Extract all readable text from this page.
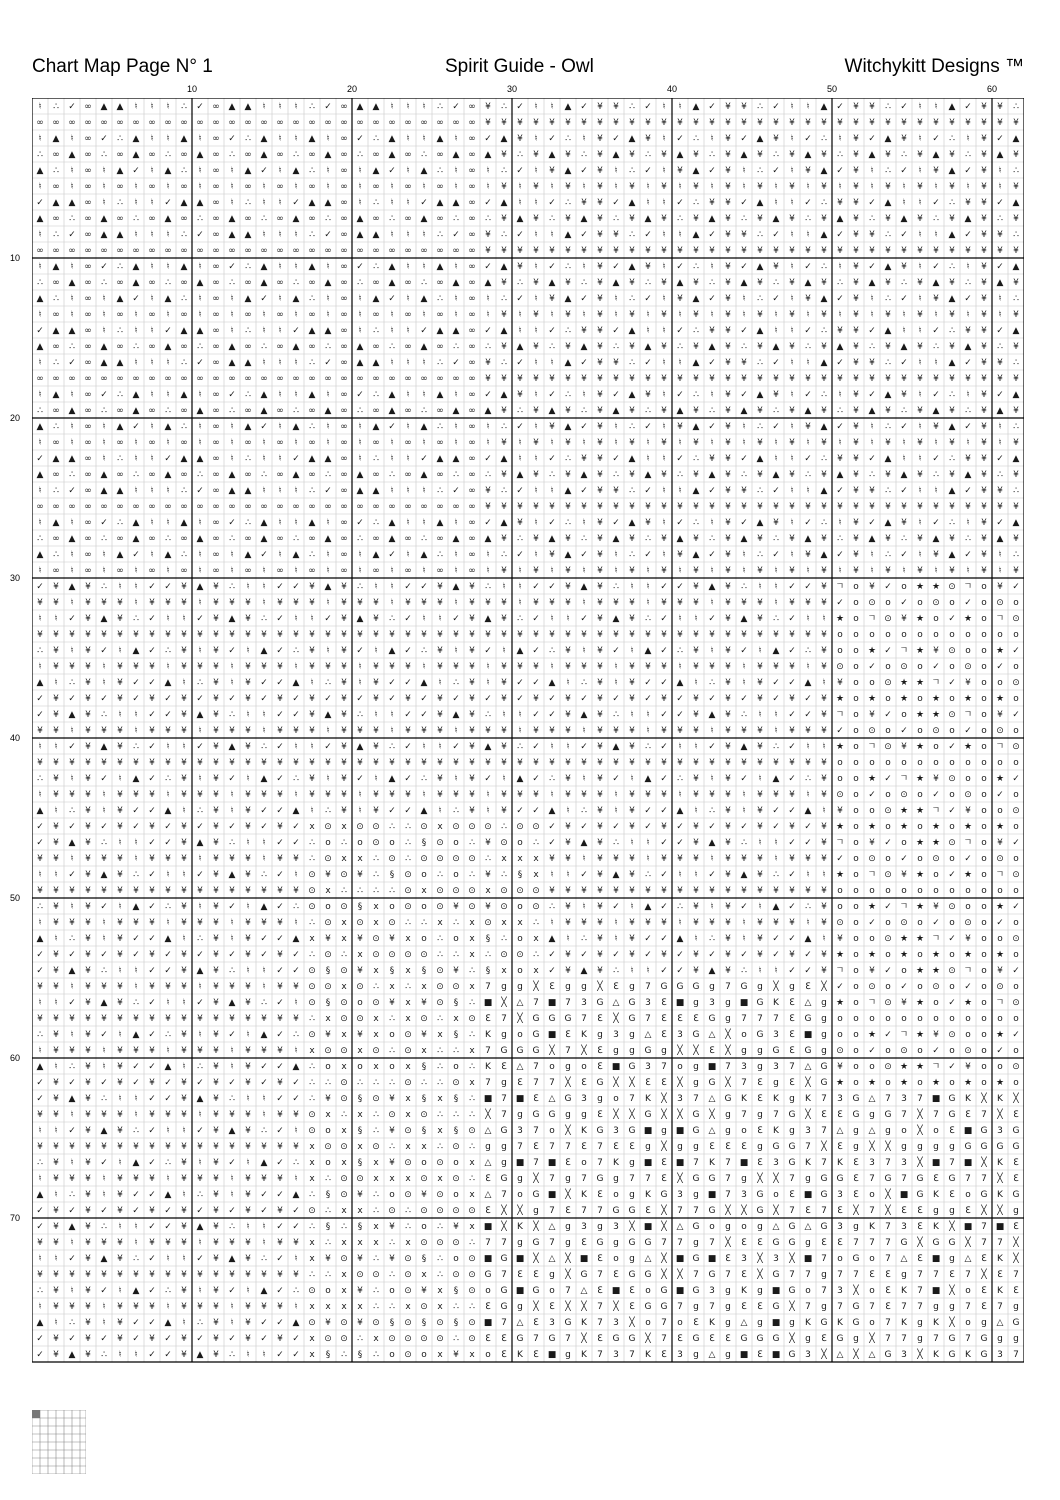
Chart Map Page N° 1	Spirit Guide - Owl	Witchykitt Designs ™
10	20	30	40	50	60
10
20
30
40
50
60
70
♮ ∴ ✓ ∞ ▲ ▲ ♮ ♮ ♮ ∴ ✓ ∞ ▲ ▲ ♮ ♮ ♮ ∴ ✓ ∞ ▲ ▲ ♮ ♮ ♮ ∴ ✓ ∞ ¥ ∴ ✓ ♮ ♮ ▲ ✓ ¥ ¥ ∴ ✓ ♮ ♮ ▲ ✓ ¥ ¥ ∴ ✓ ♮ ♮ ▲ ✓ ¥ ¥ ∴ ✓ ♮ ♮ ▲ ✓ ¥ ¥ ∴
∞ ∞ ∞ ∞ ∞ ∞ ∞ ∞ ∞ ∞ ∞ ∞ ∞ ∞ ∞ ∞ ∞ ∞ ∞ ∞ ∞ ∞ ∞ ∞ ∞ ∞ ∞ ∞ ¥ ¥ ¥ ¥ ¥ ¥ ¥ ¥ ¥ ¥ ¥ ¥ ¥ ¥ ¥ ¥ ¥ ¥ ¥ ¥ ¥ ¥ ¥ ¥ ¥ ¥ ¥ ¥ ¥ ¥ ¥ ¥ ¥ ¥
♮ ▲ ♮ ∞ ✓ ∴ ▲ ♮ ♮ ▲ ♮ ∞ ✓ ∴ ▲ ♮ ♮ ▲ ♮ ∞ ✓ ∴ ▲ ♮ ♮ ▲ ♮ ∞ ✓ ▲ ¥ ♮ ✓ ∴ ♮ ¥ ✓ ▲ ¥ ♮ ✓ ∴ ♮ ¥ ✓ ▲ ¥ ♮ ✓ ∴ ♮ ¥ ✓ ▲ ¥ ♮ ✓ ∴ ♮ ¥ ✓ ▲
∴ ∞ ▲ ∞ ∴ ∞ ▲ ∞ ∴ ∞ ▲ ∞ ∴ ∞ ▲ ∞ ∴ ∞ ▲ ∞ ∴ ∞ ▲ ∞ ∴ ∞ ▲ ∞ ▲ ¥ ∴ ¥ ▲ ¥ ∴ ¥ ▲ ¥ ∴ ¥ ▲ ¥ ∴ ¥ ▲ ¥ ∴ ¥ ▲ ¥ ∴ ¥ ▲ ¥ ∴ ¥ ▲ ¥ ∴ ¥ ▲ ¥
▲ ∴ ♮ ∞ ♮ ▲ ✓ ♮ ▲ ∴ ♮ ∞ ♮ ▲ ✓ ♮ ▲ ∴ ♮ ∞ ♮ ▲ ✓ ♮ ▲ ∴ ♮ ∞ ♮ ∴ ✓ ♮ ¥ ▲ ✓ ¥ ♮ ∴ ✓ ♮ ¥ ▲ ✓ ¥ ♮ ∴ ✓ ♮ ¥ ▲ ✓ ¥ ♮ ∴ ✓ ♮ ¥ ▲ ✓ ¥ ♮ ∴
♮ ∞ ♮ ∞ ♮ ∞ ♮ ∞ ♮ ∞ ♮ ∞ ♮ ∞ ♮ ∞ ♮ ∞ ♮ ∞ ♮ ∞ ♮ ∞ ♮ ∞ ♮ ∞ ♮ ¥ ♮ ¥ ♮ ¥ ♮ ¥ ♮ ¥ ♮ ¥ ♮ ¥ ♮ ¥ ♮ ¥ ♮ ¥ ♮ ¥ ♮ ¥ ♮ ¥ ♮ ¥ ♮ ¥ ♮ ¥ ♮ ¥
✓ ▲ ▲ ∞ ♮ ∴ ♮ ♮ ✓ ▲ ▲ ∞ ♮ ∴ ♮ ♮ ✓ ▲ ▲ ∞ ♮ ∴ ♮ ♮ ✓ ▲ ▲ ∞ ✓ ▲ ♮ ♮ ✓ ∴ ¥ ¥ ✓ ▲ ♮ ♮ ✓ ∴ ¥ ¥ ✓ ▲ ♮ ♮ ✓ ∴ ¥ ¥ ✓ ▲ ♮ ♮ ✓ ∴ ¥ ¥ ✓ ▲
▲ ∞ ∴ ∞ ▲ ∞ ∴ ∞ ▲ ∞ ∴ ∞ ▲ ∞ ∴ ∞ ▲ ∞ ∴ ∞ ▲ ∞ ∴ ∞ ▲ ∞ ∴ ∞ ∴ ¥ ▲ ¥ ∴ ¥ ▲ ¥ ∴ ¥ ▲ ¥ ∴ ¥ ▲ ¥ ∴ ¥ ▲ ¥ ∴ ¥ ▲ ¥ ∴ ¥ ▲ ¥ ∴ ¥ ▲ ¥ ∴ ¥
♮ ∴ ✓ ∞ ▲ ▲ ♮ ♮ ♮ ∴ ✓ ∞ ▲ ▲ ♮ ♮ ♮ ∴ ✓ ∞ ▲ ▲ ♮ ♮ ♮ ∴ ✓ ∞ ¥ ∴ ✓ ♮ ♮ ▲ ✓ ¥ ¥ ∴ ✓ ♮ ♮ ▲ ✓ ¥ ¥ ∴ ✓ ♮ ♮ ▲ ✓ ¥ ¥ ∴ ✓ ♮ ♮ ▲ ✓ ¥ ¥ ∴
∞ ∞ ∞ ∞ ∞ ∞ ∞ ∞ ∞ ∞ ∞ ∞ ∞ ∞ ∞ ∞ ∞ ∞ ∞ ∞ ∞ ∞ ∞ ∞ ∞ ∞ ∞ ∞ ¥ ¥ ¥ ¥ ¥ ¥ ¥ ¥ ¥ ¥ ¥ ¥ ¥ ¥ ¥ ¥ ¥ ¥ ¥ ¥ ¥ ¥ ¥ ¥ ¥ ¥ ¥ ¥ ¥ ¥ ¥ ¥ ¥ ¥
♮ ▲ ♮ ∞ ✓ ∴ ▲ ♮ ♮ ▲ ♮ ∞ ✓ ∴ ▲ ♮ ♮ ▲ ♮ ∞ ✓ ∴ ▲ ♮ ♮ ▲ ♮ ∞ ✓ ▲ ¥ ♮ ✓ ∴ ♮ ¥ ✓ ▲ ¥ ♮ ✓ ∴ ♮ ¥ ✓ ▲ ¥ ♮ ✓ ∴ ♮ ¥ ✓ ▲ ¥ ♮ ✓ ∴ ♮ ¥ ✓ ▲
∴ ∞ ▲ ∞ ∴ ∞ ▲ ∞ ∴ ∞ ▲ ∞ ∴ ∞ ▲ ∞ ∴ ∞ ▲ ∞ ∴ ∞ ▲ ∞ ∴ ∞ ▲ ∞ ▲ ¥ ∴ ¥ ▲ ¥ ∴ ¥ ▲ ¥ ∴ ¥ ▲ ¥ ∴ ¥ ▲ ¥ ∴ ¥ ▲ ¥ ∴ ¥ ▲ ¥ ∴ ¥ ▲ ¥ ∴ ¥ ▲ ¥
▲ ∴ ♮ ∞ ♮ ▲ ✓ ♮ ▲ ∴ ♮ ∞ ♮ ▲ ✓ ♮ ▲ ∴ ♮ ∞ ♮ ▲ ✓ ♮ ▲ ∴ ♮ ∞ ♮ ∴ ✓ ♮ ¥ ▲ ✓ ¥ ♮ ∴ ✓ ♮ ¥ ▲ ✓ ¥ ♮ ∴ ✓ ♮ ¥ ▲ ✓ ¥ ♮ ∴ ✓ ♮ ¥ ▲ ✓ ¥ ♮ ∴
♮ ∞ ♮ ∞ ♮ ∞ ♮ ∞ ♮ ∞ ♮ ∞ ♮ ∞ ♮ ∞ ♮ ∞ ♮ ∞ ♮ ∞ ♮ ∞ ♮ ∞ ♮ ∞ ♮ ¥ ♮ ¥ ♮ ¥ ♮ ¥ ♮ ¥ ♮ ¥ ♮ ¥ ♮ ¥ ♮ ¥ ♮ ¥ ♮ ¥ ♮ ¥ ♮ ¥ ♮ ¥ ♮ ¥ ♮ ¥ ♮ ¥
✓ ▲ ▲ ∞ ♮ ∴ ♮ ♮ ✓ ▲ ▲ ∞ ♮ ∴ ♮ ♮ ✓ ▲ ▲ ∞ ♮ ∴ ♮ ♮ ✓ ▲ ▲ ∞ ✓ ▲ ♮ ♮ ✓ ∴ ¥ ¥ ✓ ▲ ♮ ♮ ✓ ∴ ¥ ¥ ✓ ▲ ♮ ♮ ✓ ∴ ¥ ¥ ✓ ▲ ♮ ♮ ✓ ∴ ¥ ¥ ✓ ▲
▲ ∞ ∴ ∞ ▲ ∞ ∴ ∞ ▲ ∞ ∴ ∞ ▲ ∞ ∴ ∞ ▲ ∞ ∴ ∞ ▲ ∞ ∴ ∞ ▲ ∞ ∴ ∞ ∴ ¥ ▲ ¥ ∴ ¥ ▲ ¥ ∴ ¥ ▲ ¥ ∴ ¥ ▲ ¥ ∴ ¥ ▲ ¥ ∴ ¥ ▲ ¥ ∴ ¥ ▲ ¥ ∴ ¥ ▲ ¥ ∴ ¥
♮ ∴ ✓ ∞ ▲ ▲ ♮ ♮ ♮ ∴ ✓ ∞ ▲ ▲ ♮ ♮ ♮ ∴ ✓ ∞ ▲ ▲ ♮ ♮ ♮ ∴ ✓ ∞ ¥ ∴ ✓ ♮ ♮ ▲ ✓ ¥ ¥ ∴ ✓ ♮ ♮ ▲ ✓ ¥ ¥ ∴ ✓ ♮ ♮ ▲ ✓ ¥ ¥ ∴ ✓ ♮ ♮ ▲ ✓ ¥ ¥ ∴
∞ ∞ ∞ ∞ ∞ ∞ ∞ ∞ ∞ ∞ ∞ ∞ ∞ ∞ ∞ ∞ ∞ ∞ ∞ ∞ ∞ ∞ ∞ ∞ ∞ ∞ ∞ ∞ ¥ ¥ ¥ ¥ ¥ ¥ ¥ ¥ ¥ ¥ ¥ ¥ ¥ ¥ ¥ ¥ ¥ ¥ ¥ ¥ ¥ ¥ ¥ ¥ ¥ ¥ ¥ ¥ ¥ ¥ ¥ ¥ ¥ ¥
♮ ▲ ♮ ∞ ✓ ∴ ▲ ♮ ♮ ▲ ♮ ∞ ✓ ∴ ▲ ♮ ♮ ▲ ♮ ∞ ✓ ∴ ▲ ♮ ♮ ▲ ♮ ∞ ✓ ▲ ¥ ♮ ✓ ∴ ♮ ¥ ✓ ▲ ¥ ♮ ✓ ∴ ♮ ¥ ✓ ▲ ¥ ♮ ✓ ∴ ♮ ¥ ✓ ▲ ¥ ♮ ✓ ∴ ♮ ¥ ✓ ▲
∴ ∞ ▲ ∞ ∴ ∞ ▲ ∞ ∴ ∞ ▲ ∞ ∴ ∞ ▲ ∞ ∴ ∞ ▲ ∞ ∴ ∞ ▲ ∞ ∴ ∞ ▲ ∞ ▲ ¥ ∴ ¥ ▲ ¥ ∴ ¥ ▲ ¥ ∴ ¥ ▲ ¥ ∴ ¥ ▲ ¥ ∴ ¥ ▲ ¥ ∴ ¥ ▲ ¥ ∴ ¥ ▲ ¥ ∴ ¥ ▲ ¥
▲ ∴ ♮ ∞ ♮ ▲ ✓ ♮ ▲ ∴ ♮ ∞ ♮ ▲ ✓ ♮ ▲ ∴ ♮ ∞ ♮ ▲ ✓ ♮ ▲ ∴ ♮ ∞ ♮ ∴ ✓ ♮ ¥ ▲ ✓ ¥ ♮ ∴ ✓ ♮ ¥ ▲ ✓ ¥ ♮ ∴ ✓ ♮ ¥ ▲ ✓ ¥ ♮ ∴ ✓ ♮ ¥ ▲ ✓ ¥ ♮ ∴
♮ ∞ ♮ ∞ ♮ ∞ ♮ ∞ ♮ ∞ ♮ ∞ ♮ ∞ ♮ ∞ ♮ ∞ ♮ ∞ ♮ ∞ ♮ ∞ ♮ ∞ ♮ ∞ ♮ ¥ ♮ ¥ ♮ ¥ ♮ ¥ ♮ ¥ ♮ ¥ ♮ ¥ ♮ ¥ ♮ ¥ ♮ ¥ ♮ ¥ ♮ ¥ ♮ ¥ ♮ ¥ ♮ ¥ ♮ ¥ ♮ ¥
✓ ▲ ▲ ∞ ♮ ∴ ♮ ♮ ✓ ▲ ▲ ∞ ♮ ∴ ♮ ♮ ✓ ▲ ▲ ∞ ♮ ∴ ♮ ♮ ✓ ▲ ▲ ∞ ✓ ▲ ♮ ♮ ✓ ∴ ¥ ¥ ✓ ▲ ♮ ♮ ✓ ∴ ¥ ¥ ✓ ▲ ♮ ♮ ✓ ∴ ¥ ¥ ✓ ▲ ♮ ♮ ✓ ∴ ¥ ¥ ✓ ▲
▲ ∞ ∴ ∞ ▲ ∞ ∴ ∞ ▲ ∞ ∴ ∞ ▲ ∞ ∴ ∞ ▲ ∞ ∴ ∞ ▲ ∞ ∴ ∞ ▲ ∞ ∴ ∞ ∴ ¥ ▲ ¥ ∴ ¥ ▲ ¥ ∴ ¥ ▲ ¥ ∴ ¥ ▲ ¥ ∴ ¥ ▲ ¥ ∴ ¥ ▲ ¥ ∴ ¥ ▲ ¥ ∴ ¥ ▲ ¥ ∴ ¥
♮ ∴ ✓ ∞ ▲ ▲ ♮ ♮ ♮ ∴ ✓ ∞ ▲ ▲ ♮ ♮ ♮ ∴ ✓ ∞ ▲ ▲ ♮ ♮ ♮ ∴ ✓ ∞ ¥ ∴ ✓ ♮ ♮ ▲ ✓ ¥ ¥ ∴ ✓ ♮ ♮ ▲ ✓ ¥ ¥ ∴ ✓ ♮ ♮ ▲ ✓ ¥ ¥ ∴ ✓ ♮ ♮ ▲ ✓ ¥ ¥ ∴
∞ ∞ ∞ ∞ ∞ ∞ ∞ ∞ ∞ ∞ ∞ ∞ ∞ ∞ ∞ ∞ ∞ ∞ ∞ ∞ ∞ ∞ ∞ ∞ ∞ ∞ ∞ ∞ ¥ ¥ ¥ ¥ ¥ ¥ ¥ ¥ ¥ ¥ ¥ ¥ ¥ ¥ ¥ ¥ ¥ ¥ ¥ ¥ ¥ ¥ ¥ ¥ ¥ ¥ ¥ ¥ ¥ ¥ ¥ ¥ ¥ ¥
♮ ▲ ♮ ∞ ✓ ∴ ▲ ♮ ♮ ▲ ♮ ∞ ✓ ∴ ▲ ♮ ♮ ▲ ♮ ∞ ✓ ∴ ▲ ♮ ♮ ▲ ♮ ∞ ✓ ▲ ¥ ♮ ✓ ∴ ♮ ¥ ✓ ▲ ¥ ♮ ✓ ∴ ♮ ¥ ✓ ▲ ¥ ♮ ✓ ∴ ♮ ¥ ✓ ▲ ¥ ♮ ✓ ∴ ♮ ¥ ✓ ▲
∴ ∞ ▲ ∞ ∴ ∞ ▲ ∞ ∴ ∞ ▲ ∞ ∴ ∞ ▲ ∞ ∴ ∞ ▲ ∞ ∴ ∞ ▲ ∞ ∴ ∞ ▲ ∞ ▲ ¥ ∴ ¥ ▲ ¥ ∴ ¥ ▲ ¥ ∴ ¥ ▲ ¥ ∴ ¥ ▲ ¥ ∴ ¥ ▲ ¥ ∴ ¥ ▲ ¥ ∴ ¥ ▲ ¥ ∴ ¥ ▲ ¥
▲ ∴ ♮ ∞ ♮ ▲ ✓ ♮ ▲ ∴ ♮ ∞ ♮ ▲ ✓ ♮ ▲ ∴ ♮ ∞ ♮ ▲ ✓ ♮ ▲ ∴ ♮ ∞ ♮ ∴ ✓ ♮ ¥ ▲ ✓ ¥ ♮ ∴ ✓ ♮ ¥ ▲ ✓ ¥ ♮ ∴ ✓ ♮ ¥ ▲ ✓ ¥ ♮ ∴ ✓ ♮ ¥ ▲ ✓ ¥ ♮ ∴
♮ ∞ ♮ ∞ ♮ ∞ ♮ ∞ ♮ ∞ ♮ ∞ ♮ ∞ ♮ ∞ ♮ ∞ ♮ ∞ ♮ ∞ ♮ ∞ ♮ ∞ ♮ ∞ ♮ ¥ ♮ ¥ ♮ ¥ ♮ ¥ ♮ ¥ ♮ ¥ ♮ ¥ ♮ ¥ ♮ ¥ ♮ ¥ ♮ ¥ ♮ ¥ ♮ ¥ ♮ ¥ ♮ ¥ ♮ ¥ ♮ ¥
✓ ¥ ▲ ¥ ∴ ♮ ♮ ✓ ✓ ¥ ▲ ¥ ∴ ♮ ♮ ✓ ✓ ¥ ▲ ¥ ∴ ♮ ♮ ✓ ✓ ¥ ▲ ¥ ∴ ♮ ♮ ✓ ✓ ¥ ▲ ¥ ∴ ♮ ♮ ✓ ✓ ¥ ▲ ¥ ∴ ♮ ♮ ✓ ✓ ¥ ㄱ o ¥ ✓ o ★ ★ ⊙ ㄱ o ¥ ✓
¥ ¥ ♮ ¥ ¥ ¥ ♮ ¥ ¥ ¥ ♮ ¥ ¥ ¥ ♮ ¥ ¥ ¥ ♮ ¥ ¥ ¥ ♮ ¥ ¥ ¥ ♮ ¥ ¥ ¥ ♮ ¥ ¥ ¥ ♮ ¥ ¥ ¥ ♮ ¥ ¥ ¥ ♮ ¥ ¥ ¥ ♮ ¥ ¥ ¥ ✓ o ⊙ o ✓ o ⊙ o ✓ o ⊙ o
♮ ♮ ✓ ¥ ▲ ¥ ∴ ✓ ♮ ♮ ✓ ¥ ▲ ¥ ∴ ✓ ♮ ♮ ✓ ¥ ▲ ¥ ∴ ✓ ♮ ♮ ✓ ¥ ▲ ¥ ∴ ✓ ♮ ♮ ✓ ¥ ▲ ¥ ∴ ✓ ♮ ♮ ✓ ¥ ▲ ¥ ∴ ✓ ♮ ♮ ★ o ㄱ ⊙ ¥ ★ o ✓ ★ o ㄱ ⊙
¥ ¥ ¥ ¥ ¥ ¥ ¥ ¥ ¥ ¥ ¥ ¥ ¥ ¥ ¥ ¥ ¥ ¥ ¥ ¥ ¥ ¥ ¥ ¥ ¥ ¥ ¥ ¥ ¥ ¥ ¥ ¥ ¥ ¥ ¥ ¥ ¥ ¥ ¥ ¥ ¥ ¥ ¥ ¥ ¥ ¥ ¥ ¥ ¥ ¥ o o o o o o o o o o o o
∴ ¥ ♮ ¥ ✓ ♮ ▲ ✓ ∴ ¥ ♮ ¥ ✓ ♮ ▲ ✓ ∴ ¥ ♮ ¥ ✓ ♮ ▲ ✓ ∴ ¥ ♮ ¥ ✓ ♮ ▲ ✓ ∴ ¥ ♮ ¥ ✓ ♮ ▲ ✓ ∴ ¥ ♮ ¥ ✓ ♮ ▲ ✓ ∴ ¥ o o ★ ✓ ㄱ ★ ¥ ⊙ o o ★ ✓
♮ ¥ ¥ ¥ ♮ ¥ ¥ ¥ ♮ ¥ ¥ ¥ ♮ ¥ ¥ ¥ ♮ ¥ ¥ ¥ ♮ ¥ ¥ ¥ ♮ ¥ ¥ ¥ ♮ ¥ ¥ ¥ ♮ ¥ ¥ ¥ ♮ ¥ ¥ ¥ ♮ ¥ ¥ ¥ ♮ ¥ ¥ ¥ ♮ ¥ ⊙ o ✓ o ⊙ o ✓ o ⊙ o ✓ o
▲ ♮ ∴ ¥ ♮ ¥ ✓ ✓ ▲ ♮ ∴ ¥ ♮ ¥ ✓ ✓ ▲ ♮ ∴ ¥ ♮ ¥ ✓ ✓ ▲ ♮ ∴ ¥ ♮ ¥ ✓ ✓ ▲ ♮ ∴ ¥ ♮ ¥ ✓ ✓ ▲ ♮ ∴ ¥ ♮ ¥ ✓ ✓ ▲ ♮ ¥ o o ⊙ ★ ★ ㄱ ✓ ¥ o o ⊙
✓ ¥ ✓ ¥ ✓ ¥ ✓ ¥ ✓ ¥ ✓ ¥ ✓ ¥ ✓ ¥ ✓ ¥ ✓ ¥ ✓ ¥ ✓ ¥ ✓ ¥ ✓ ¥ ✓ ¥ ✓ ¥ ✓ ¥ ✓ ¥ ✓ ¥ ✓ ¥ ✓ ¥ ✓ ¥ ✓ ¥ ✓ ¥ ✓ ¥ ★ o ★ o ★ o ★ o ★ o ★ o
✓ ¥ ▲ ¥ ∴ ♮ ♮ ✓ ✓ ¥ ▲ ¥ ∴ ♮ ♮ ✓ ✓ ¥ ▲ ¥ ∴ ♮ ♮ ✓ ✓ ¥ ▲ ¥ ∴ ♮ ♮ ✓ ✓ ¥ ▲ ¥ ∴ ♮ ♮ ✓ ✓ ¥ ▲ ¥ ∴ ♮ ♮ ✓ ✓ ¥ ㄱ o ¥ ✓ o ★ ★ ⊙ ㄱ o ¥ ✓
¥ ¥ ♮ ¥ ¥ ¥ ♮ ¥ ¥ ¥ ♮ ¥ ¥ ¥ ♮ ¥ ¥ ¥ ♮ ¥ ¥ ¥ ♮ ¥ ¥ ¥ ♮ ¥ ¥ ¥ ♮ ¥ ¥ ¥ ♮ ¥ ¥ ¥ ♮ ¥ ¥ ¥ ♮ ¥ ¥ ¥ ♮ ¥ ¥ ¥ ✓ o ⊙ o ✓ o ⊙ o ✓ o ⊙ o
♮ ♮ ✓ ¥ ▲ ¥ ∴ ✓ ♮ ♮ ✓ ¥ ▲ ¥ ∴ ✓ ♮ ♮ ✓ ¥ ▲ ¥ ∴ ✓ ♮ ♮ ✓ ¥ ▲ ¥ ∴ ✓ ♮ ♮ ✓ ¥ ▲ ¥ ∴ ✓ ♮ ♮ ✓ ¥ ▲ ¥ ∴ ✓ ♮ ♮ ★ o ㄱ ⊙ ¥ ★ o ✓ ★ o ㄱ ⊙
¥ ¥ ¥ ¥ ¥ ¥ ¥ ¥ ¥ ¥ ¥ ¥ ¥ ¥ ¥ ¥ ¥ ¥ ¥ ¥ ¥ ¥ ¥ ¥ ¥ ¥ ¥ ¥ ¥ ¥ ¥ ¥ ¥ ¥ ¥ ¥ ¥ ¥ ¥ ¥ ¥ ¥ ¥ ¥ ¥ ¥ ¥ ¥ ¥ ¥ o o o o o o o o o o o o
∴ ¥ ♮ ¥ ✓ ♮ ▲ ✓ ∴ ¥ ♮ ¥ ✓ ♮ ▲ ✓ ∴ ¥ ♮ ¥ ✓ ♮ ▲ ✓ ∴ ¥ ♮ ¥ ✓ ♮ ▲ ✓ ∴ ¥ ♮ ¥ ✓ ♮ ▲ ✓ ∴ ¥ ♮ ¥ ✓ ♮ ▲ ✓ ∴ ¥ o o ★ ✓ ㄱ ★ ¥ ⊙ o o ★ ✓
♮ ¥ ¥ ¥ ♮ ¥ ¥ ¥ ♮ ¥ ¥ ¥ ♮ ¥ ¥ ¥ ♮ ¥ ¥ ¥ ♮ ¥ ¥ ¥ ♮ ¥ ¥ ¥ ♮ ¥ ¥ ¥ ♮ ¥ ¥ ¥ ♮ ¥ ¥ ¥ ♮ ¥ ¥ ¥ ♮ ¥ ¥ ¥ ♮ ¥ ⊙ o ✓ o ⊙ o ✓ o ⊙ o ✓ o
▲ ♮ ∴ ¥ ♮ ¥ ✓ ✓ ▲ ♮ ∴ ¥ ♮ ¥ ✓ ✓ ▲ ♮ ∴ ¥ ♮ ¥ ✓ ✓ ▲ ♮ ∴ ¥ ♮ ¥ ✓ ✓ ▲ ♮ ∴ ¥ ♮ ¥ ✓ ✓ ▲ ♮ ∴ ¥ ♮ ¥ ✓ ✓ ▲ ♮ ¥ o o ⊙ ★ ★ ㄱ ✓ ¥ o o ⊙
✓ ¥ ✓ ¥ ✓ ¥ ✓ ¥ ✓ ¥ ✓ ¥ ✓ ¥ ✓ ¥ ✓ x ⊙ x ⊙ ⊙ ∴ ∴ ⊙ x ⊙ ⊙ ⊙ ∴ ⊙ ⊙ ✓ ¥ ✓ ¥ ✓ ¥ ✓ ¥ ✓ ¥ ✓ ¥ ✓ ¥ ✓ ¥ ✓ ¥ ★ o ★ o ★ o ★ o ★ o ★ o
✓ ¥ ▲ ¥ ∴ ♮ ♮ ✓ ✓ ¥ ▲ ¥ ∴ ♮ ♮ ✓ ✓ ∴ o ∴ o ⊙ o ∴ § ⊙ o ∴ ¥ ⊙ o ∴ ✓ ¥ ▲ ¥ ∴ ♮ ♮ ✓ ✓ ¥ ▲ ¥ ∴ ♮ ♮ ✓ ✓ ¥ ㄱ o ¥ ✓ o ★ ★ ⊙ ㄱ o ¥ ✓
¥ ¥ ♮ ¥ ¥ ¥ ♮ ¥ ¥ ¥ ♮ ¥ ¥ ¥ ♮ ¥ ¥ ∴ ⊙ x x ∴ ⊙ ∴ ⊙ ⊙ ⊙ ⊙ ∴ x x x ¥ ¥ ♮ ¥ ¥ ¥ ♮ ¥ ¥ ¥ ♮ ¥ ¥ ¥ ♮ ¥ ¥ ¥ ✓ o ⊙ o ✓ o ⊙ o ✓ o ⊙ o
♮ ♮ ✓ ¥ ▲ ¥ ∴ ✓ ♮ ♮ ✓ ¥ ▲ ¥ ∴ ✓ ♮ ⊙ ¥ ⊙ ¥ ∴ § ⊙ o ∴ o ∴ ¥ ∴ § x ♮ ♮ ✓ ¥ ▲ ¥ ∴ ✓ ♮ ♮ ✓ ¥ ▲ ¥ ∴ ✓ ♮ ♮ ★ o ㄱ ⊙ ¥ ★ o ✓ ★ o ㄱ ⊙
¥ ¥ ¥ ¥ ¥ ¥ ¥ ¥ ¥ ¥ ¥ ¥ ¥ ¥ ¥ ¥ ¥ ⊙ x ∴ ∴ ∴ ∴ ⊙ x ⊙ ⊙ ⊙ x ⊙ ⊙ ⊙ ¥ ¥ ¥ ¥ ¥ ¥ ¥ ¥ ¥ ¥ ¥ ¥ ¥ ¥ ¥ ¥ ¥ ¥ o o o o o o o o o o o o
∴ ¥ ♮ ¥ ✓ ♮ ▲ ✓ ∴ ¥ ♮ ¥ ✓ ♮ ▲ ✓ ∴ ⊙ o ⊙ § x o ⊙ o ⊙ ¥ ⊙ ¥ ⊙ o ⊙ ∴ ¥ ♮ ¥ ✓ ♮ ▲ ✓ ∴ ¥ ♮ ¥ ✓ ♮ ▲ ✓ ∴ ¥ o o ★ ✓ ㄱ ★ ¥ ⊙ o o ★ ✓
♮ ¥ ¥ ¥ ♮ ¥ ¥ ¥ ♮ ¥ ¥ ¥ ♮ ¥ ¥ ¥ ♮ ∴ ⊙ x ⊙ x ⊙ ∴ ∴ x ∴ x ⊙ x x ∴ ♮ ¥ ¥ ¥ ♮ ¥ ¥ ¥ ♮ ¥ ¥ ¥ ♮ ¥ ¥ ¥ ♮ ¥ ⊙ o ✓ o ⊙ o ✓ o ⊙ o ✓ o
▲ ♮ ∴ ¥ ♮ ¥ ✓ ✓ ▲ ♮ ∴ ¥ ♮ ¥ ✓ ✓ ▲ x ¥ x ¥ ⊙ ¥ x o ∴ o x § ∴ o x ▲ ♮ ∴ ¥ ♮ ¥ ✓ ✓ ▲ ♮ ∴ ¥ ♮ ¥ ✓ ✓ ▲ ♮ ¥ o o ⊙ ★ ★ ㄱ ✓ ¥ o o ⊙
✓ ¥ ✓ ¥ ✓ ¥ ✓ ¥ ✓ ¥ ✓ ¥ ✓ ¥ ✓ ¥ ✓ ∴ ⊙ ∴ x ⊙ ⊙ ⊙ ⊙ ∴ ∴ x ∴ ⊙ ⊙ ∴ ✓ ¥ ✓ ¥ ✓ ¥ ✓ ¥ ✓ ¥ ✓ ¥ ✓ ¥ ✓ ¥ ✓ ¥ ★ o ★ o ★ o ★ o ★ o ★ o
✓ ¥ ▲ ¥ ∴ ♮ ♮ ✓ ✓ ¥ ▲ ¥ ∴ ♮ ♮ ✓ ✓ ⊙ § ⊙ ¥ x § x § ⊙ ¥ ∴ § x o x ✓ ¥ ▲ ¥ ∴ ♮ ♮ ✓ ✓ ¥ ▲ ¥ ∴ ♮ ♮ ✓ ✓ ¥ ㄱ o ¥ ✓ o ★ ★ ⊙ ㄱ o ¥ ✓
¥ ¥ ♮ ¥ ¥ ¥ ♮ ¥ ¥ ¥ ♮ ¥ ¥ ¥ ♮ ¥ ¥ ⊙ ⊙ x ⊙ ∴ x ∴ x ⊙ ⊙ x 7 g g ╳ ℇ g g ╳ ℇ g 7 G G G g 7 G g ╳ g ℇ ╳ ✓ o ⊙ o ✓ o ⊙ o ✓ o ⊙ o
♮ ♮ ✓ ¥ ▲ ¥ ∴ ✓ ♮ ♮ ✓ ¥ ▲ ¥ ∴ ✓ ♮ ⊙ § ⊙ o ⊙ ¥ x ¥ ⊙ § ∴ ■ ╳ △ 7 ■ 7 3 G △ G 3 ℇ ■ g 3 g ■ G K ℇ △ g ★ o ㄱ ⊙ ¥ ★ o ✓ ★ o ㄱ ⊙
¥ ¥ ¥ ¥ ¥ ¥ ¥ ¥ ¥ ¥ ¥ ¥ ¥ ¥ ¥ ¥ ¥ ∴ x ⊙ ⊙ x ∴ x ⊙ ∴ x ⊙ ℇ 7 ╳ G G G 7 ℇ ╳ G 7 ℇ ℇ ℇ G g 7 7 7 ℇ G g o o o o o o o o o o o o
∴ ¥ ♮ ¥ ✓ ♮ ▲ ✓ ∴ ¥ ♮ ¥ ✓ ♮ ▲ ✓ ∴ ⊙ ¥ x ¥ x o ⊙ ¥ x § ∴ K g o G ■ ℇ K g 3 g △ ℇ 3 G △ ╳ o G 3 ℇ ■ g o o ★ ✓ ㄱ ★ ¥ ⊙ o o ★ ✓
♮ ¥ ¥ ¥ ♮ ¥ ¥ ¥ ♮ ¥ ¥ ¥ ♮ ¥ ¥ ¥ ♮ x ⊙ ⊙ x ⊙ ∴ ⊙ x ∴ ∴ x 7 G G G ╳ 7 ╳ ℇ g g G g ╳ ╳ ℇ ╳ g g G ℇ G g ⊙ o ✓ o ⊙ o ✓ o ⊙ o ✓ o
▲ ♮ ∴ ¥ ♮ ¥ ✓ ✓ ▲ ♮ ∴ ¥ ♮ ¥ ✓ ✓ ▲ ∴ o x o x o x § ∴ o ∴ K ℇ △ 7 o g o ℇ ■ G 3 7 o g ■ 7 3 g 3 7 △ G ¥ o o ⊙ ★ ★ ㄱ ✓ ¥ o o ⊙
✓ ¥ ✓ ¥ ✓ ¥ ✓ ¥ ✓ ¥ ✓ ¥ ✓ ¥ ✓ ¥ ✓ ∴ ∴ ⊙ ∴ ∴ ∴ ⊙ ∴ ∴ ⊙ x 7 g ℇ 7 7 ╳ ℇ G ╳ ╳ ℇ ℇ ╳ g G ╳ 7 ℇ g ℇ ╳ G ★ o ★ o ★ o ★ o ★ o ★ o
✓ ¥ ▲ ¥ ∴ ♮ ♮ ✓ ✓ ¥ ▲ ¥ ∴ ♮ ♮ ✓ ✓ ∴ ¥ ⊙ § ⊙ ¥ x § x § ∴ ■ 7 ■ ℇ △ G 3 g o 7 K ╳ 3 7 △ G K ℇ K g K 7 3 G △ 7 3 7 ■ G K ╳ K ╳
¥ ¥ ♮ ¥ ¥ ¥ ♮ ¥ ¥ ¥ ♮ ¥ ¥ ¥ ♮ ¥ ¥ ⊙ x ∴ x ∴ ⊙ x ⊙ ∴ ∴ ∴ ╳ 7 g G G g g ℇ ╳ ╳ G ╳ ╳ G ╳ g 7 g 7 G ╳ ℇ ℇ G g G 7 ╳ 7 G ℇ 7 ╳ ℇ
♮ ♮ ✓ ¥ ▲ ¥ ∴ ✓ ♮ ♮ ✓ ¥ ▲ ¥ ∴ ✓ ♮ ⊙ o x § ∴ ¥ ⊙ § x § ⊙ △ G 3 7 o ╳ K G 3 G ■ g ■ G △ g o ℇ K g 3 7 △ g △ g o ╳ o ℇ ■ G 3 G
¥ ¥ ¥ ¥ ¥ ¥ ¥ ¥ ¥ ¥ ¥ ¥ ¥ ¥ ¥ ¥ ¥ x ⊙ ⊙ x ⊙ ∴ x x ∴ ⊙ ∴ g g 7 ℇ 7 7 ℇ 7 ℇ ℇ g ╳ g g ℇ ℇ ℇ g G G 7 ╳ ℇ g ╳ ╳ g g g g G G G G
∴ ¥ ♮ ¥ ✓ ♮ ▲ ✓ ∴ ¥ ♮ ¥ ✓ ♮ ▲ ✓ ∴ x o x § x ¥ ⊙ o ⊙ o x △ g ■ 7 ■ ℇ o 7 K g ■ ℇ ■ 7 K 7 ■ ℇ 3 G K 7 K ℇ 3 7 3 ╳ ■ 7 ■ ╳ K ℇ
♮ ¥ ¥ ¥ ♮ ¥ ¥ ¥ ♮ ¥ ¥ ¥ ♮ ¥ ¥ ¥ ♮ x ∴ ⊙ ⊙ x x x ⊙ x ⊙ ∴ ℇ G g ╳ 7 g 7 G g 7 7 ℇ ╳ G G 7 g ╳ ╳ 7 g G G ℇ 7 G 7 G ℇ G 7 7 ╳ ℇ
▲ ♮ ∴ ¥ ♮ ¥ ✓ ✓ ▲ ♮ ∴ ¥ ♮ ¥ ✓ ✓ ▲ ∴ § ⊙ ¥ ∴ o ⊙ ¥ ⊙ o x △ 7 o G ■ ╳ K ℇ o g K G 3 g ■ 7 3 G o ℇ ■ G 3 ℇ o ╳ ■ G K ℇ o G K G
✓ ¥ ✓ ¥ ✓ ¥ ✓ ¥ ✓ ¥ ✓ ¥ ✓ ¥ ✓ ¥ ✓ ⊙ ∴ x x ∴ ⊙ ∴ ⊙ ⊙ ⊙ ⊙ ℇ ╳ ╳ g 7 ℇ 7 7 G G ℇ ╳ 7 7 G ╳ ╳ G ╳ 7 ℇ 7 ℇ ╳ 7 ╳ ℇ ℇ g g ℇ ╳ ╳ g
✓ ¥ ▲ ¥ ∴ ♮ ♮ ✓ ✓ ¥ ▲ ¥ ∴ ♮ ♮ ✓ ✓ ∴ § ∴ § x ¥ ∴ o ∴ ¥ x ■ ╳ K ╳ △ g 3 g 3 ╳ ■ ╳ △ G o g o g △ G △ G 3 g K 7 3 ℇ K ╳ ■ 7 ■ ℇ
¥ ¥ ♮ ¥ ¥ ¥ ♮ ¥ ¥ ¥ ♮ ¥ ¥ ¥ ♮ ¥ ¥ x ∴ x x x ∴ x ⊙ ⊙ ⊙ ∴ 7 7 g G 7 g ℇ G g G G 7 7 g 7 ╳ ℇ ℇ G G g ℇ ℇ 7 7 7 G ╳ G G ╳ 7 7 ╳
♮ ♮ ✓ ¥ ▲ ¥ ∴ ✓ ♮ ♮ ✓ ¥ ▲ ¥ ∴ ✓ ♮ x ¥ ⊙ ¥ ∴ ¥ ⊙ § ∴ o ⊙ ■ G ■ ╳ △ ╳ ■ ℇ o g △ ╳ ■ G ■ ℇ 3 ╳ 3 ╳ ■ 7 o G o 7 △ ℇ ■ g △ ℇ K ╳
¥ ¥ ¥ ¥ ¥ ¥ ¥ ¥ ¥ ¥ ¥ ¥ ¥ ¥ ¥ ¥ ¥ ∴ ∴ x ⊙ ⊙ ∴ ⊙ x ∴ ⊙ ⊙ G 7 ℇ ℇ g ╳ G 7 ℇ G G ╳ ╳ 7 G 7 ℇ ╳ G 7 7 g 7 7 ℇ ℇ g 7 7 ℇ 7 ╳ ℇ 7
∴ ¥ ♮ ¥ ✓ ♮ ▲ ✓ ∴ ¥ ♮ ¥ ✓ ♮ ▲ ✓ ∴ ⊙ o x ¥ ∴ o ⊙ ¥ x § ⊙ o G ■ G o 7 △ ℇ ■ ℇ o G ■ G 3 g K g ■ G o 7 3 ╳ o ℇ K 7 ■ ╳ o ℇ K ℇ
♮ ¥ ¥ ¥ ♮ ¥ ¥ ¥ ♮ ¥ ¥ ¥ ♮ ¥ ¥ ¥ ♮ x x x x ∴ ∴ x ⊙ x ∴ ∴ ℇ G g ╳ ℇ ╳ ╳ 7 ╳ ℇ G G 7 g 7 g ℇ ℇ G ╳ 7 g 7 G 7 ℇ 7 7 g g 7 ℇ 7 g
▲ ♮ ∴ ¥ ♮ ¥ ✓ ✓ ▲ ♮ ∴ ¥ ♮ ¥ ✓ ✓ ▲ ⊙ ¥ ⊙ ¥ ⊙ § ⊙ § ⊙ § ⊙ ■ 7 △ ℇ 3 G K 7 3 ╳ o 7 o ℇ K g △ g ■ g K G K G o 7 K g K ╳ o g △ G
✓ ¥ ✓ ¥ ✓ ¥ ✓ ¥ ✓ ¥ ✓ ¥ ✓ ¥ ✓ ¥ ✓ x ⊙ ⊙ ∴ x ⊙ ⊙ ⊙ ⊙ ∴ ⊙ ℇ ℇ G 7 G 7 ╳ ℇ G G ╳ 7 ℇ G ℇ ℇ G G G ╳ g ℇ G g ╳ 7 7 g 7 G 7 G g g
✓ ¥ ▲ ¥ ∴ ♮ ♮ ✓ ✓ ¥ ▲ ¥ ∴ ♮ ♮ ✓ ✓ x § ∴ § ∴ o ⊙ o x ¥ x o ℇ K ℇ ■ g K 7 3 7 K ℇ 3 g △ g ■ ℇ ■ G 3 ╳ △ ╳ △ G 3 ╳ K G K G 3 7
